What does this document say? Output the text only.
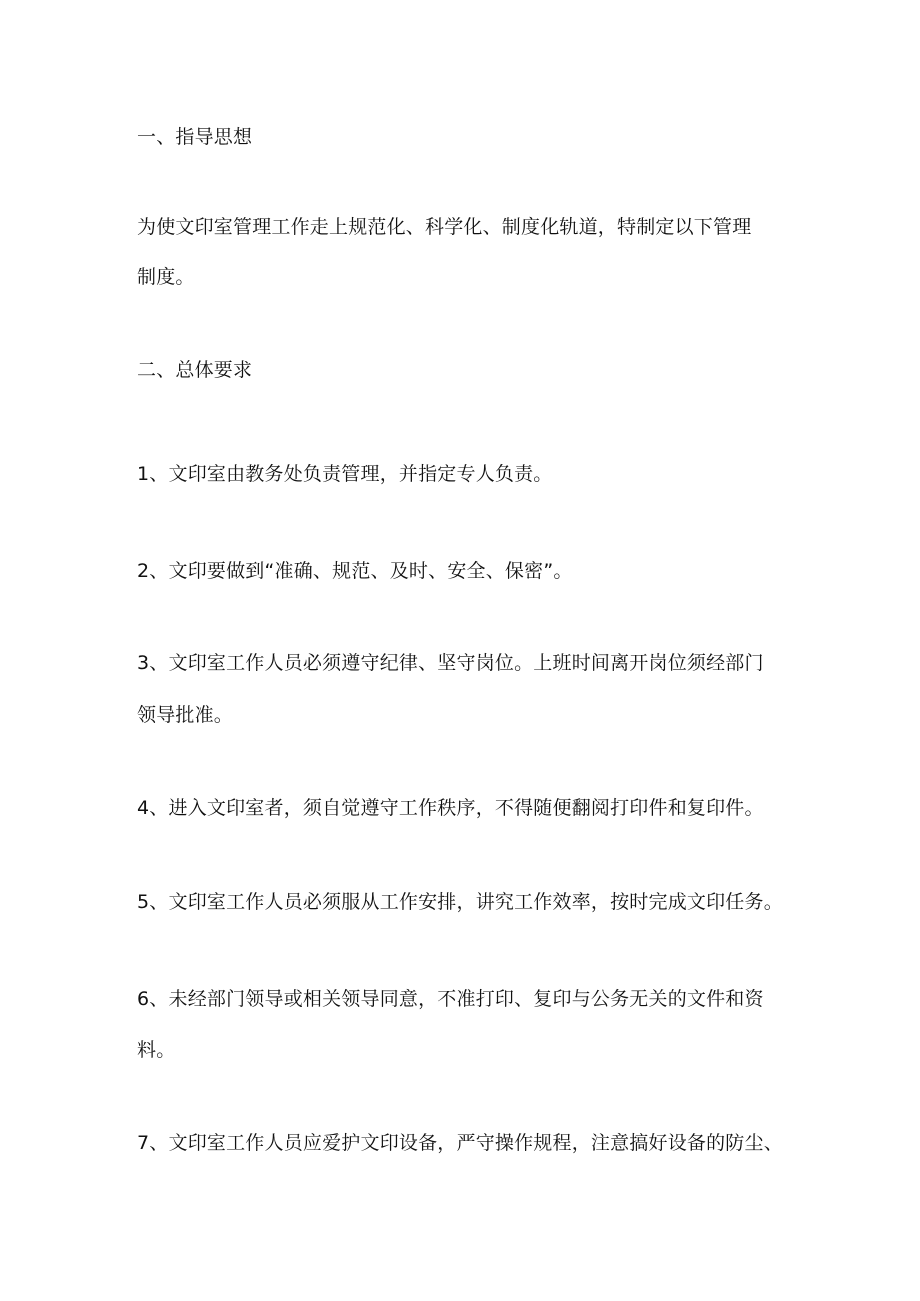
一、指导思想
为使文印室管理工作走上规范化、科学化、制度化轨道，特制定以下管理
制度。
二、总体要求
1、文印室由教务处负责管理，并指定专人负责。
2、文印要做到“准确、规范、及时、安全、保密”。
3、文印室工作人员必须遵守纪律、坚守岗位。上班时间离开岗位须经部门
领导批准。
4、进入文印室者，须自觉遵守工作秩序，不得随便翻阅打印件和复印件。
5、文印室工作人员必须服从工作安排，讲究工作效率，按时完成文印任务。
6、未经部门领导或相关领导同意，不准打印、复印与公务无关的文件和资
料。
7、文印室工作人员应爱护文印设备，严守操作规程，注意搞好设备的防尘、
